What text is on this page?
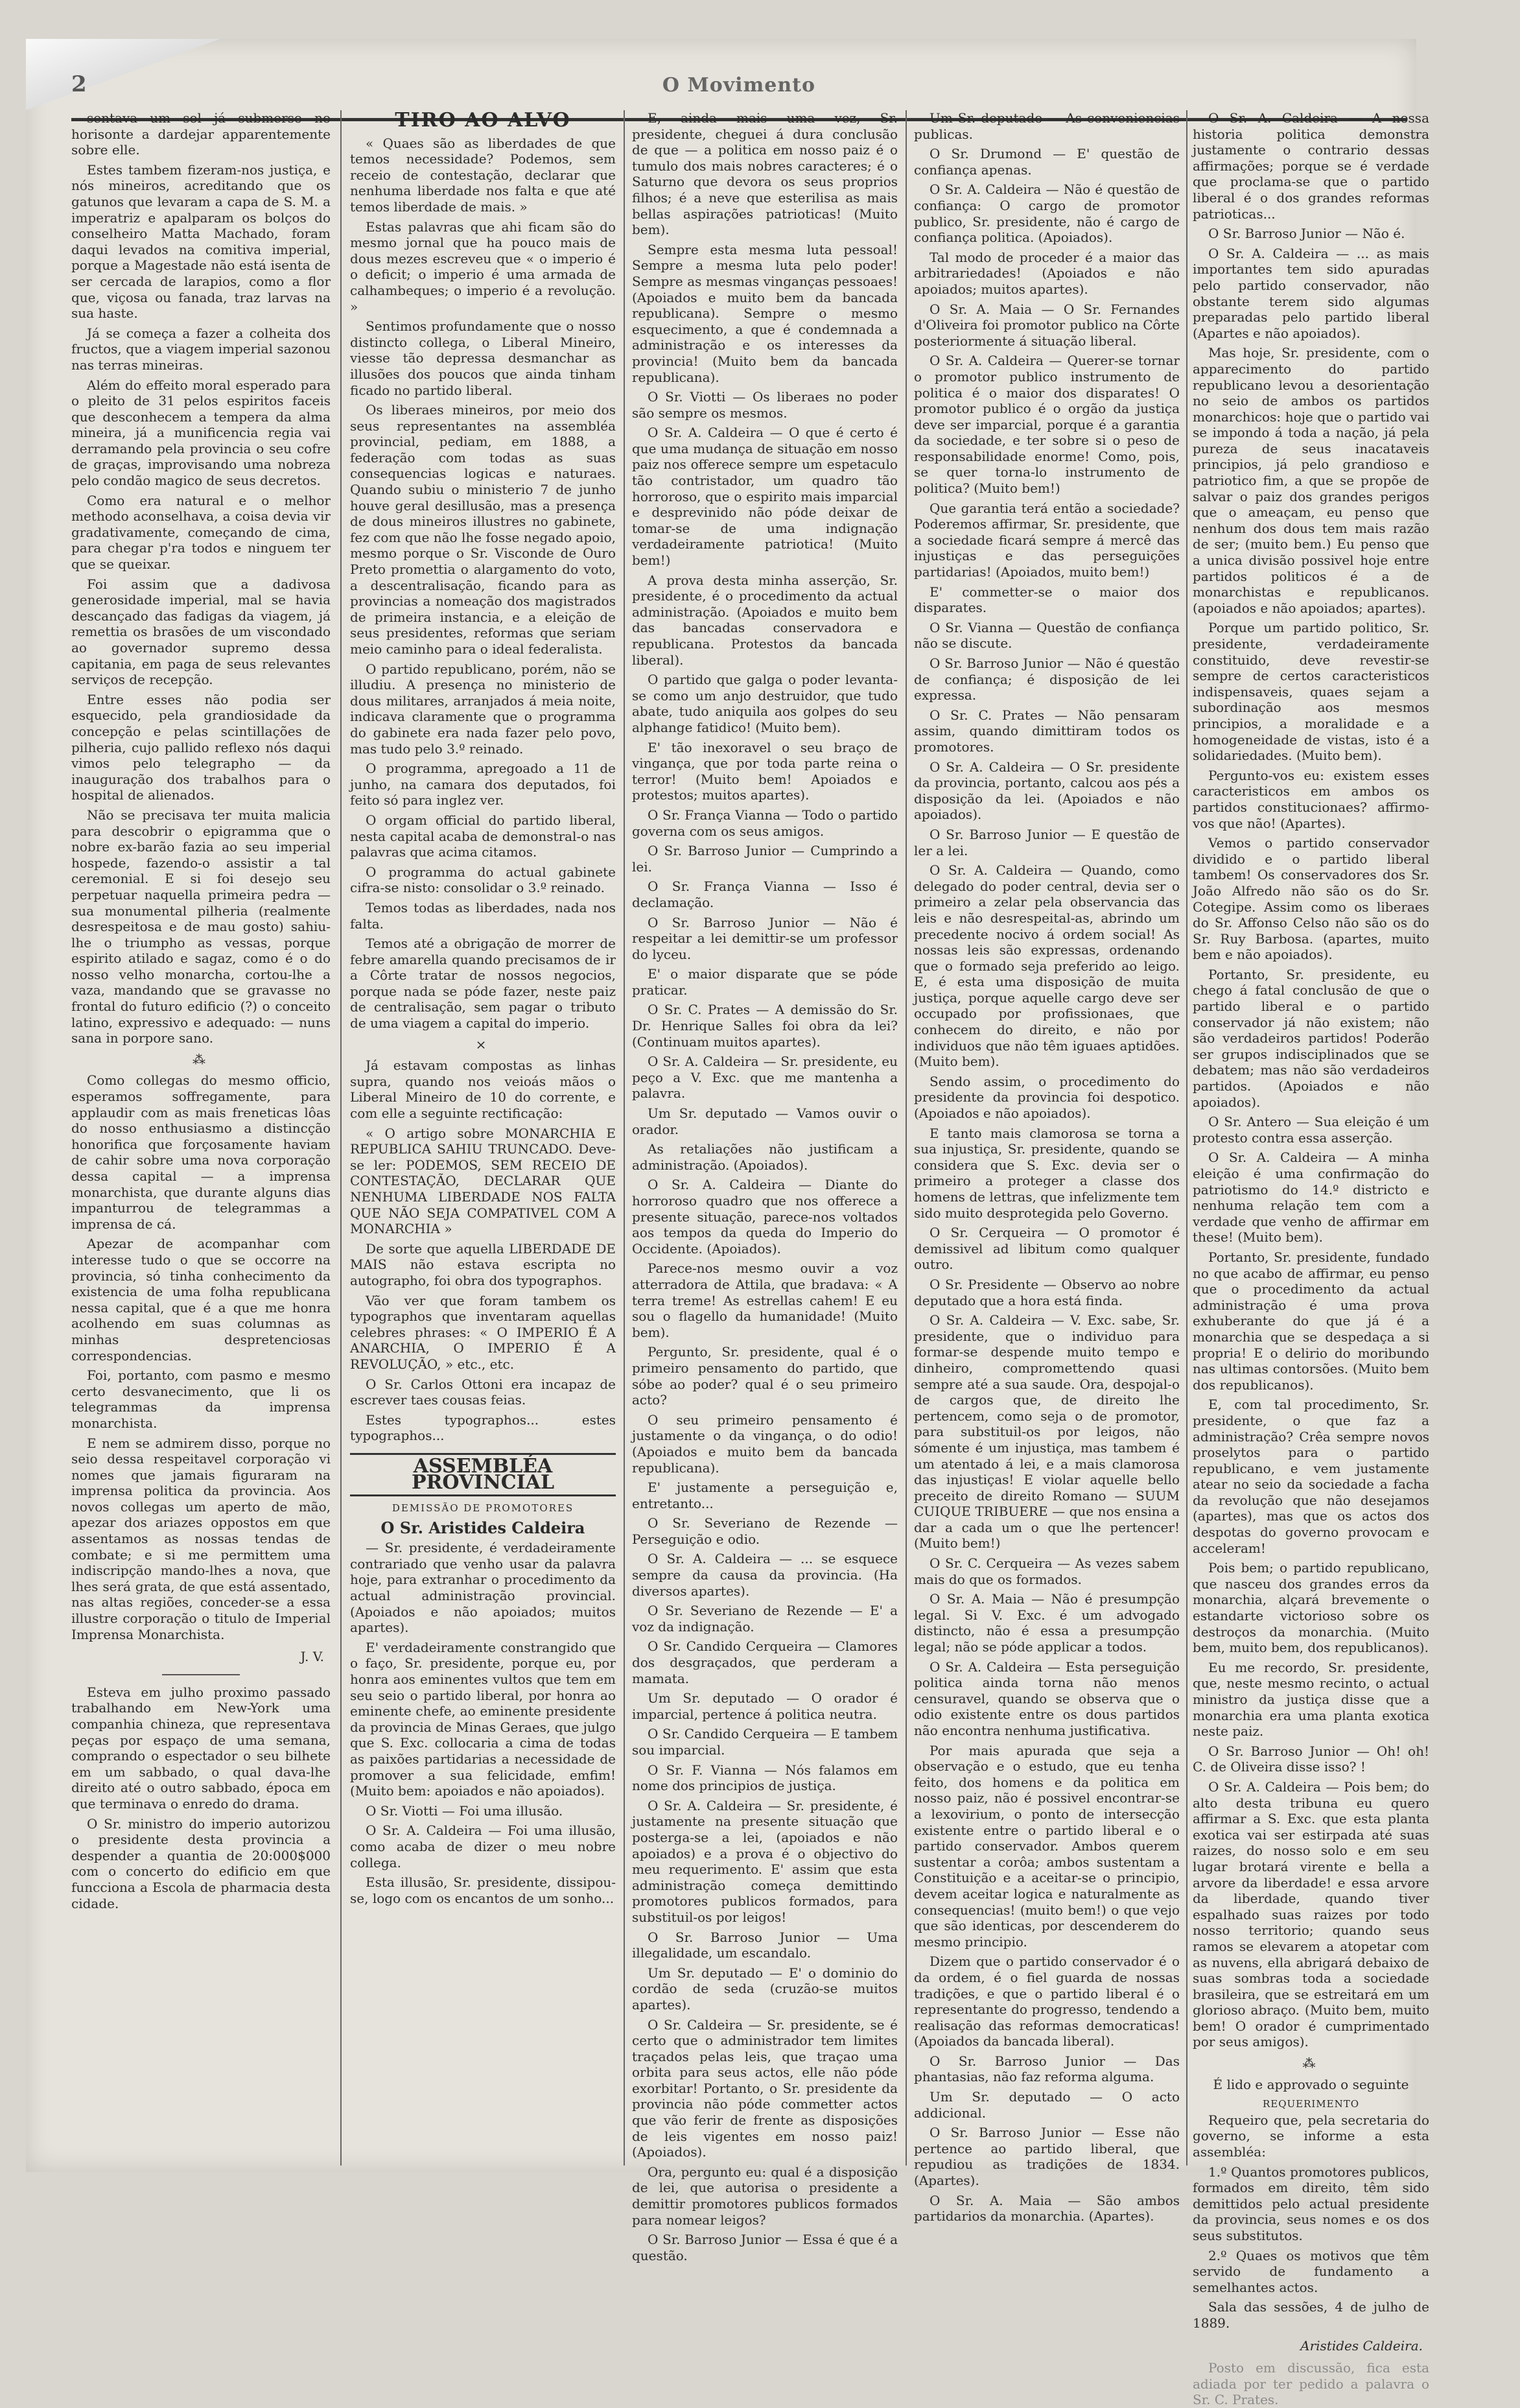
2	O Movimento

sentava um sol já submerso no horisonte a dardejar apparentemente sobre elle.

Estes tambem fizeram-nos justiça, e nós mineiros, acreditando que os gatunos que levaram a capa de S. M. a imperatriz e apalparam os bolços do conselheiro Matta Machado, foram daqui levados na comitiva imperial, porque a Magestade não está isenta de ser cercada de larapios, como a flor que, viçosa ou fanada, traz larvas na sua haste.

Já se começa a fazer a colheita dos fructos, que a viagem imperial sazonou nas terras mineiras.

Além do effeito moral esperado para o pleito de 31 pelos espiritos faceis que desconhecem a tempera da alma mineira, já a munificencia regia vai derramando pela provincia o seu cofre de graças, improvisando uma nobreza pelo condão magico de seus decretos.

Como era natural e o melhor methodo aconselhava, a coisa devia vir gradativamente, começando de cima, para chegar p'ra todos e ninguem ter que se queixar.

Foi assim que a dadivosa generosidade imperial, mal se havia descançado das fadigas da viagem, já remettia os brasões de um viscondado ao governador supremo dessa capitania, em paga de seus relevantes serviços de recepção.

Entre esses não podia ser esquecido, pela grandiosidade da concepção e pelas scintillações de pilheria, cujo pallido reflexo nós daqui vimos pelo telegrapho — da inauguração dos trabalhos para o hospital de alienados.

Não se precisava ter muita malicia para descobrir o epigramma que o nobre ex-barão fazia ao seu imperial hospede, fazendo-o assistir a tal ceremonial. E si foi desejo seu perpetuar naquella primeira pedra — sua monumental pilheria (realmente desrespeitosa e de mau gosto) sahiu-lhe o triumpho as vessas, porque espirito atilado e sagaz, como é o do nosso velho monarcha, cortou-lhe a vaza, mandando que se gravasse no frontal do futuro edificio (?) o conceito latino, expressivo e adequado: — nuns sana in porpore sano.

⁂

Como collegas do mesmo officio, esperamos soffregamente, para applaudir com as mais freneticas lôas do nosso enthusiasmo a distincção honorifica que forçosamente haviam de cahir sobre uma nova corporação dessa capital — a imprensa monarchista, que durante alguns dias impanturrou de telegrammas a imprensa de cá.

Apezar de acompanhar com interesse tudo o que se occorre na provincia, só tinha conhecimento da existencia de uma folha republicana nessa capital, que é a que me honra acolhendo em suas columnas as minhas despretenciosas correspondencias.

Foi, portanto, com pasmo e mesmo certo desvanecimento, que li os telegrammas da imprensa monarchista.

E nem se admirem disso, porque no seio dessa respeitavel corporação vi nomes que jamais figuraram na imprensa politica da provincia. Aos novos collegas um aperto de mão, apezar dos ariazes oppostos em que assentamos as nossas tendas de combate; e si me permittem uma indiscripção mando-lhes a nova, que lhes será grata, de que está assentado, nas altas regiões, conceder-se a essa illustre corporação o titulo de Imperial Imprensa Monarchista.

J. V.

Esteva em julho proximo passado trabalhando em New-York uma companhia chineza, que representava peças por espaço de uma semana, comprando o espectador o seu bilhete em um sabbado, o qual dava-lhe direito até o outro sabbado, época em que terminava o enredo do drama.

O Sr. ministro do imperio autorizou o presidente desta provincia a despender a quantia de 20:000$000 com o concerto do edificio em que funcciona a Escola de pharmacia desta cidade.

TIRO AO ALVO

« Quaes são as liberdades de que temos necessidade? Podemos, sem receio de contestação, declarar que nenhuma liberdade nos falta e que até temos liberdade de mais. »

Estas palavras que ahi ficam são do mesmo jornal que ha pouco mais de dous mezes escreveu que « o imperio é o deficit; o imperio é uma armada de calhambeques; o imperio é a revolução. »

Sentimos profundamente que o nosso distincto collega, o Liberal Mineiro, viesse tão depressa desmanchar as illusões dos poucos que ainda tinham ficado no partido liberal.

Os liberaes mineiros, por meio dos seus representantes na assembléa provincial, pediam, em 1888, a federação com todas as suas consequencias logicas e naturaes. Quando subiu o ministerio 7 de junho houve geral desillusão, mas a presença de dous mineiros illustres no gabinete, fez com que não lhe fosse negado apoio, mesmo porque o Sr. Visconde de Ouro Preto promettia o alargamento do voto, a descentralisação, ficando para as provincias a nomeação dos magistrados de primeira instancia, e a eleição de seus presidentes, reformas que seriam meio caminho para o ideal federalista.

O partido republicano, porém, não se illudiu. A presença no ministerio de dous militares, arranjados á meia noite, indicava claramente que o programma do gabinete era nada fazer pelo povo, mas tudo pelo 3.º reinado.

O programma, apregoado a 11 de junho, na camara dos deputados, foi feito só para inglez ver.

O orgam official do partido liberal, nesta capital acaba de demonstral-o nas palavras que acima citamos.

O programma do actual gabinete cifra-se nisto: consolidar o 3.º reinado.

Temos todas as liberdades, nada nos falta.

Temos até a obrigação de morrer de febre amarella quando precisamos de ir a Côrte tratar de nossos negocios, porque nada se póde fazer, neste paiz de centralisação, sem pagar o tributo de uma viagem a capital do imperio.

×

Já estavam compostas as linhas supra, quando nos veioás mãos o Liberal Mineiro de 10 do corrente, e com elle a seguinte rectificação:

« O artigo sobre MONARCHIA E REPUBLICA SAHIU TRUNCADO. Deve-se ler: PODEMOS, SEM RECEIO DE CONTESTAÇÃO, DECLARAR QUE NENHUMA LIBERDADE NOS FALTA QUE NÃO SEJA COMPATIVEL COM A MONARCHIA »

De sorte que aquella LIBERDADE DE MAIS não estava escripta no autographo, foi obra dos typographos.

Vão ver que foram tambem os typographos que inventaram aquellas celebres phrases: « O IMPERIO É A ANARCHIA, O IMPERIO É A REVOLUÇÃO, » etc., etc.

O Sr. Carlos Ottoni era incapaz de escrever taes cousas feias.

Estes typographos... estes typographos...

ASSEMBLÉA PROVINCIAL
DEMISSÃO DE PROMOTORES
O Sr. Aristides Caldeira

— Sr. presidente, é verdadeiramente contrariado que venho usar da palavra hoje, para extranhar o procedimento da actual administração provincial. (Apoiados e não apoiados; muitos apartes).

E' verdadeiramente constrangido que o faço, Sr. presidente, porque eu, por honra aos eminentes vultos que tem em seu seio o partido liberal, por honra ao eminente chefe, ao eminente presidente da provincia de Minas Geraes, que julgo que S. Exc. collocaria a cima de todas as paixões partidarias a necessidade de promover a sua felicidade, emfim! (Muito bem: apoiados e não apoiados).

O Sr. Viotti — Foi uma illusão.

O Sr. A. Caldeira — Foi uma illusão, como acaba de dizer o meu nobre collega.

Esta illusão, Sr. presidente, dissipou-se, logo com os encantos de um sonho...

E, ainda mais uma vez, Sr. presidente, cheguei á dura conclusão de que — a politica em nosso paiz é o tumulo dos mais nobres caracteres; é o Saturno que devora os seus proprios filhos; é a neve que esterilisa as mais bellas aspirações patrioticas! (Muito bem).

Sempre esta mesma luta pessoal! Sempre a mesma luta pelo poder! Sempre as mesmas vinganças pessoaes! (Apoiados e muito bem da bancada republicana). Sempre o mesmo esquecimento, a que é condemnada a administração e os interesses da provincia! (Muito bem da bancada republicana).

O Sr. Viotti — Os liberaes no poder são sempre os mesmos.

O Sr. A. Caldeira — O que é certo é que uma mudança de situação em nosso paiz nos offerece sempre um espetaculo tão contristador, um quadro tão horroroso, que o espirito mais imparcial e desprevinido não póde deixar de tomar-se de uma indignação verdadeiramente patriotica! (Muito bem!)

A prova desta minha asserção, Sr. presidente, é o procedimento da actual administração. (Apoiados e muito bem das bancadas conservadora e republicana. Protestos da bancada liberal).

O partido que galga o poder levanta-se como um anjo destruidor, que tudo abate, tudo aniquila aos golpes do seu alphange fatidico! (Muito bem).

E' tão inexoravel o seu braço de vingança, que por toda parte reina o terror! (Muito bem! Apoiados e protestos; muitos apartes).

O Sr. França Vianna — Todo o partido governa com os seus amigos.

O Sr. Barroso Junior — Cumprindo a lei.

O Sr. França Vianna — Isso é declamação.

O Sr. Barroso Junior — Não é respeitar a lei demittir-se um professor do lyceu.

E' o maior disparate que se póde praticar.

O Sr. C. Prates — A demissão do Sr. Dr. Henrique Salles foi obra da lei? (Continuam muitos apartes).

O Sr. A. Caldeira — Sr. presidente, eu peço a V. Exc. que me mantenha a palavra.

Um Sr. deputado — Vamos ouvir o orador.

As retaliações não justificam a administração. (Apoiados).

O Sr. A. Caldeira — Diante do horroroso quadro que nos offerece a presente situação, parece-nos voltados aos tempos da queda do Imperio do Occidente. (Apoiados).

Parece-nos mesmo ouvir a voz atterradora de Attila, que bradava: « A terra treme! As estrellas cahem! E eu sou o flagello da humanidade! (Muito bem).

Pergunto, Sr. presidente, qual é o primeiro pensamento do partido, que sóbe ao poder? qual é o seu primeiro acto?

O seu primeiro pensamento é justamente o da vingança, o do odio! (Apoiados e muito bem da bancada republicana).

E' justamente a perseguição e, entretanto...

O Sr. Severiano de Rezende — Perseguição e odio.

O Sr. A. Caldeira — ... se esquece sempre da causa da provincia. (Ha diversos apartes).

O Sr. Severiano de Rezende — E' a voz da indignação.

O Sr. Candido Cerqueira — Clamores dos desgraçados, que perderam a mamata.

Um Sr. deputado — O orador é imparcial, pertence á politica neutra.

O Sr. Candido Cerqueira — E tambem sou imparcial.

O Sr. F. Vianna — Nós falamos em nome dos principios de justiça.

O Sr. A. Caldeira — Sr. presidente, é justamente na presente situação que posterga-se a lei, (apoiados e não apoiados) e a prova é o objectivo do meu requerimento. E' assim que esta administração começa demittindo promotores publicos formados, para substituil-os por leigos!

O Sr. Barroso Junior — Uma illegalidade, um escandalo.

Um Sr. deputado — E' o dominio do cordão de seda (cruzão-se muitos apartes).

O Sr. Caldeira — Sr. presidente, se é certo que o administrador tem limites traçados pelas leis, que traçao uma orbita para seus actos, elle não póde exorbitar! Portanto, o Sr. presidente da provincia não póde commetter actos que vão ferir de frente as disposições de leis vigentes em nosso paiz! (Apoiados).

Ora, pergunto eu: qual é a disposição de lei, que autorisa o presidente a demittir promotores publicos formados para nomear leigos?

O Sr. Barroso Junior — Essa é que é a questão.

Um Sr. deputado — As conveniencias publicas.

O Sr. Drumond — E' questão de confiança apenas.

O Sr. A. Caldeira — Não é questão de confiança: O cargo de promotor publico, Sr. presidente, não é cargo de confiança politica. (Apoiados).

Tal modo de proceder é a maior das arbitrariedades! (Apoiados e não apoiados; muitos apartes).

O Sr. A. Maia — O Sr. Fernandes d'Oliveira foi promotor publico na Côrte posteriormente á situação liberal.

O Sr. A. Caldeira — Querer-se tornar o promotor publico instrumento de politica é o maior dos disparates! O promotor publico é o orgão da justiça deve ser imparcial, porque é a garantia da sociedade, e ter sobre si o peso de responsabilidade enorme! Como, pois, se quer torna-lo instrumento de politica? (Muito bem!)

Que garantia terá então a sociedade? Poderemos affirmar, Sr. presidente, que a sociedade ficará sempre á mercê das injustiças e das perseguições partidarias! (Apoiados, muito bem!)

E' commetter-se o maior dos disparates.

O Sr. Vianna — Questão de confiança não se discute.

O Sr. Barroso Junior — Não é questão de confiança; é disposição de lei expressa.

O Sr. C. Prates — Não pensaram assim, quando dimittiram todos os promotores.

O Sr. A. Caldeira — O Sr. presidente da provincia, portanto, calcou aos pés a disposição da lei. (Apoiados e não apoiados).

O Sr. Barroso Junior — E questão de ler a lei.

O Sr. A. Caldeira — Quando, como delegado do poder central, devia ser o primeiro a zelar pela observancia das leis e não desrespeital-as, abrindo um precedente nocivo á ordem social! As nossas leis são expressas, ordenando que o formado seja preferido ao leigo. E, é esta uma disposição de muita justiça, porque aquelle cargo deve ser occupado por profissionaes, que conhecem do direito, e não por individuos que não têm iguaes aptidões. (Muito bem).

Sendo assim, o procedimento do presidente da provincia foi despotico. (Apoiados e não apoiados).

E tanto mais clamorosa se torna a sua injustiça, Sr. presidente, quando se considera que S. Exc. devia ser o primeiro a proteger a classe dos homens de lettras, que infelizmente tem sido muito desprotegida pelo Governo.

O Sr. Cerqueira — O promotor é demissivel ad libitum como qualquer outro.

O Sr. Presidente — Observo ao nobre deputado que a hora está finda.

O Sr. A. Caldeira — V. Exc. sabe, Sr. presidente, que o individuo para formar-se despende muito tempo e dinheiro, compromettendo quasi sempre até a sua saude. Ora, despojal-o de cargos que, de direito lhe pertencem, como seja o de promotor, para substituil-os por leigos, não sómente é um injustiça, mas tambem é um atentado á lei, e a mais clamorosa das injustiças! E violar aquelle bello preceito de direito Romano — SUUM CUIQUE TRIBUERE — que nos ensina a dar a cada um o que lhe pertencer! (Muito bem!)

O Sr. C. Cerqueira — As vezes sabem mais do que os formados.

O Sr. A. Maia — Não é presumpção legal. Si V. Exc. é um advogado distincto, não é essa a presumpção legal; não se póde applicar a todos.

O Sr. A. Caldeira — Esta perseguição politica ainda torna não menos censuravel, quando se observa que o odio existente entre os dous partidos não encontra nenhuma justificativa.

Por mais apurada que seja a observação e o estudo, que eu tenha feito, dos homens e da politica em nosso paiz, não é possivel encontrar-se a lexovirium, o ponto de intersecção existente entre o partido liberal e o partido conservador. Ambos querem sustentar a corôa; ambos sustentam a Constituição e a aceitar-se o principio, devem aceitar logica e naturalmente as consequencias! (muito bem!) o que vejo que são identicas, por descenderem do mesmo principio.

Dizem que o partido conservador é o da ordem, é o fiel guarda de nossas tradições, e que o partido liberal é o representante do progresso, tendendo a realisação das reformas democraticas! (Apoiados da bancada liberal).

O Sr. Barroso Junior — Das phantasias, não faz reforma alguma.

Um Sr. deputado — O acto addicional.

O Sr. Barroso Junior — Esse não pertence ao partido liberal, que repudiou as tradições de 1834. (Apartes).

O Sr. A. Maia — São ambos partidarios da monarchia. (Apartes).

O Sr. A. Caldeira — A nossa historia politica demonstra justamente o contrario dessas affirmações; porque se é verdade que proclama-se que o partido liberal é o dos grandes reformas patrioticas...

O Sr. Barroso Junior — Não é.

O Sr. A. Caldeira — ... as mais importantes tem sido apuradas pelo partido conservador, não obstante terem sido algumas preparadas pelo partido liberal (Apartes e não apoiados).

Mas hoje, Sr. presidente, com o apparecimento do partido republicano levou a desorientação no seio de ambos os partidos monarchicos: hoje que o partido vai se impondo á toda a nação, já pela pureza de seus inacataveis principios, já pelo grandioso e patriotico fim, a que se propõe de salvar o paiz dos grandes perigos que o ameaçam, eu penso que nenhum dos dous tem mais razão de ser; (muito bem.) Eu penso que a unica divisão possivel hoje entre partidos politicos é a de monarchistas e republicanos. (apoiados e não apoiados; apartes).

Porque um partido politico, Sr. presidente, verdadeiramente constituido, deve revestir-se sempre de certos caracteristicos indispensaveis, quaes sejam a subordinação aos mesmos principios, a moralidade e a homogeneidade de vistas, isto é a solidariedades. (Muito bem).

Pergunto-vos eu: existem esses caracteristicos em ambos os partidos constitucionaes? affirmo-vos que não! (Apartes).

Vemos o partido conservador dividido e o partido liberal tambem! Os conservadores dos Sr. João Alfredo não são os do Sr. Cotegipe. Assim como os liberaes do Sr. Affonso Celso não são os do Sr. Ruy Barbosa. (apartes, muito bem e não apoiados).

Portanto, Sr. presidente, eu chego á fatal conclusão de que o partido liberal e o partido conservador já não existem; não são verdadeiros partidos! Poderão ser grupos indisciplinados que se debatem; mas não são verdadeiros partidos. (Apoiados e não apoiados).

O Sr. Antero — Sua eleição é um protesto contra essa asserção.

O Sr. A. Caldeira — A minha eleição é uma confirmação do patriotismo do 14.º districto e nenhuma relação tem com a verdade que venho de affirmar em these! (Muito bem).

Portanto, Sr. presidente, fundado no que acabo de affirmar, eu penso que o procedimento da actual administração é uma prova exhuberante do que já é a monarchia que se despedaça a si propria! E o delirio do moribundo nas ultimas contorsões. (Muito bem dos republicanos).

E, com tal procedimento, Sr. presidente, o que faz a administração? Crêa sempre novos proselytos para o partido republicano, e vem justamente atear no seio da sociedade a facha da revolução que não desejamos (apartes), mas que os actos dos despotas do governo provocam e acceleram!

Pois bem; o partido republicano, que nasceu dos grandes erros da monarchia, alçará brevemente o estandarte victorioso sobre os destroços da monarchia. (Muito bem, muito bem, dos republicanos).

Eu me recordo, Sr. presidente, que, neste mesmo recinto, o actual ministro da justiça disse que a monarchia era uma planta exotica neste paiz.

O Sr. Barroso Junior — Oh! oh! C. de Oliveira disse isso? !

O Sr. A. Caldeira — Pois bem; do alto desta tribuna eu quero affirmar a S. Exc. que esta planta exotica vai ser estirpada até suas raizes, do nosso solo e em seu lugar brotará virente e bella a arvore da liberdade! e essa arvore da liberdade, quando tiver espalhado suas raizes por todo nosso territorio; quando seus ramos se elevarem a atopetar com as nuvens, ella abrigará debaixo de suas sombras toda a sociedade brasileira, que se estreitará em um glorioso abraço. (Muito bem, muito bem! O orador é cumprimentado por seus amigos).

⁂

É lido e approvado o seguinte

REQUERIMENTO

Requeiro que, pela secretaria do governo, se informe a esta assembléa:

1.º Quantos promotores publicos, formados em direito, têm sido demittidos pelo actual presidente da provincia, seus nomes e os dos seus substitutos.

2.º Quaes os motivos que têm servido de fundamento a semelhantes actos.

Sala das sessões, 4 de julho de 1889.

Aristides Caldeira.

Posto em discussão, fica esta adiada por ter pedido a palavra o Sr. C. Prates.
